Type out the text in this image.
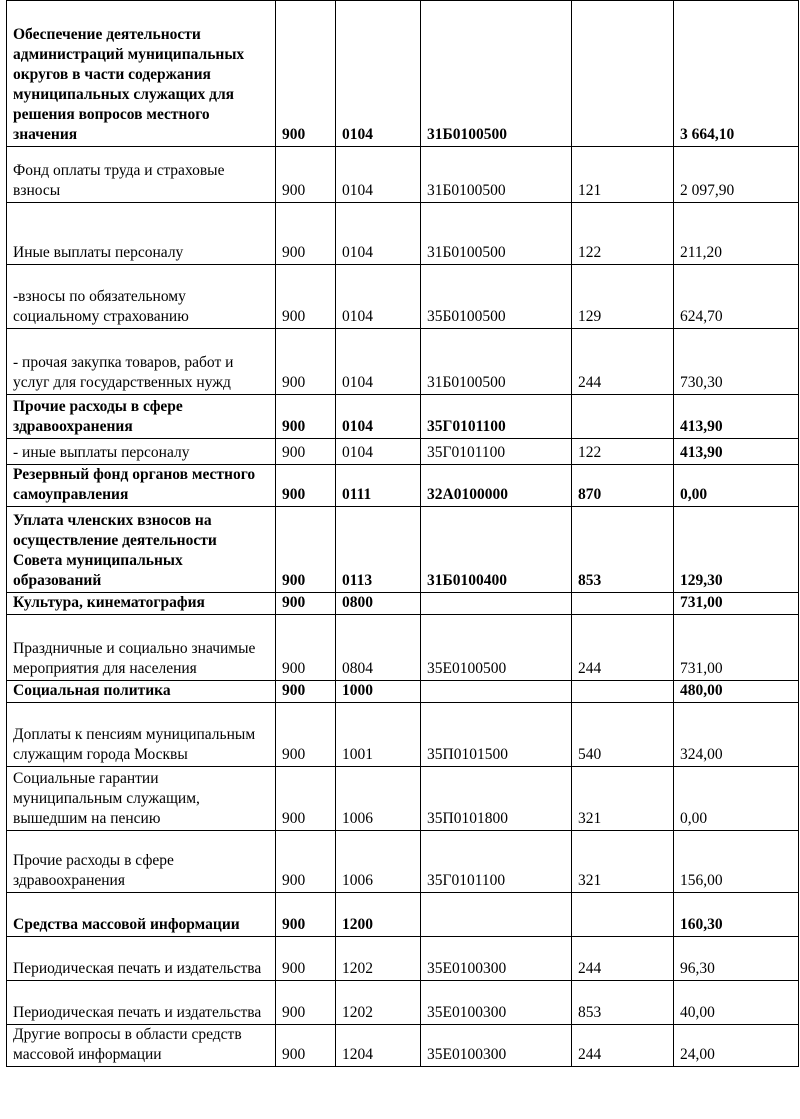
Обеспечение деятельности администраций муниципальных округов в части содержания муниципальных служащих для решения вопросов местного значения	900	0104	31Б0100500		3 664,10
Фонд оплаты труда и страховые взносы	900	0104	31Б0100500	121	2 097,90
Иные выплаты персоналу	900	0104	31Б0100500	122	211,20
-взносы по обязательному социальному страхованию	900	0104	35Б0100500	129	624,70
- прочая закупка товаров, работ и услуг для государственных нужд	900	0104	31Б0100500	244	730,30
Прочие расходы в сфере здравоохранения	900	0104	35Г0101100		413,90
- иные выплаты персоналу	900	0104	35Г0101100	122	413,90
Резервный фонд органов местного самоуправления	900	0111	32А0100000	870	0,00
Уплата членских взносов на осуществление деятельности Совета муниципальных образований	900	0113	31Б0100400	853	129,30
Культура, кинематография	900	0800			731,00
Праздничные и социально значимые мероприятия для населения	900	0804	35Е0100500	244	731,00
Социальная политика	900	1000			480,00
Доплаты к пенсиям муниципальным служащим города Москвы	900	1001	35П0101500	540	324,00
Социальные гарантии муниципальным служащим, вышедшим на пенсию	900	1006	35П0101800	321	0,00
Прочие расходы в сфере здравоохранения	900	1006	35Г0101100	321	156,00
Средства массовой информации	900	1200			160,30
Периодическая печать и издательства	900	1202	35Е0100300	244	96,30
Периодическая печать и издательства	900	1202	35Е0100300	853	40,00
Другие вопросы в области средств массовой информации	900	1204	35Е0100300	244	24,00
